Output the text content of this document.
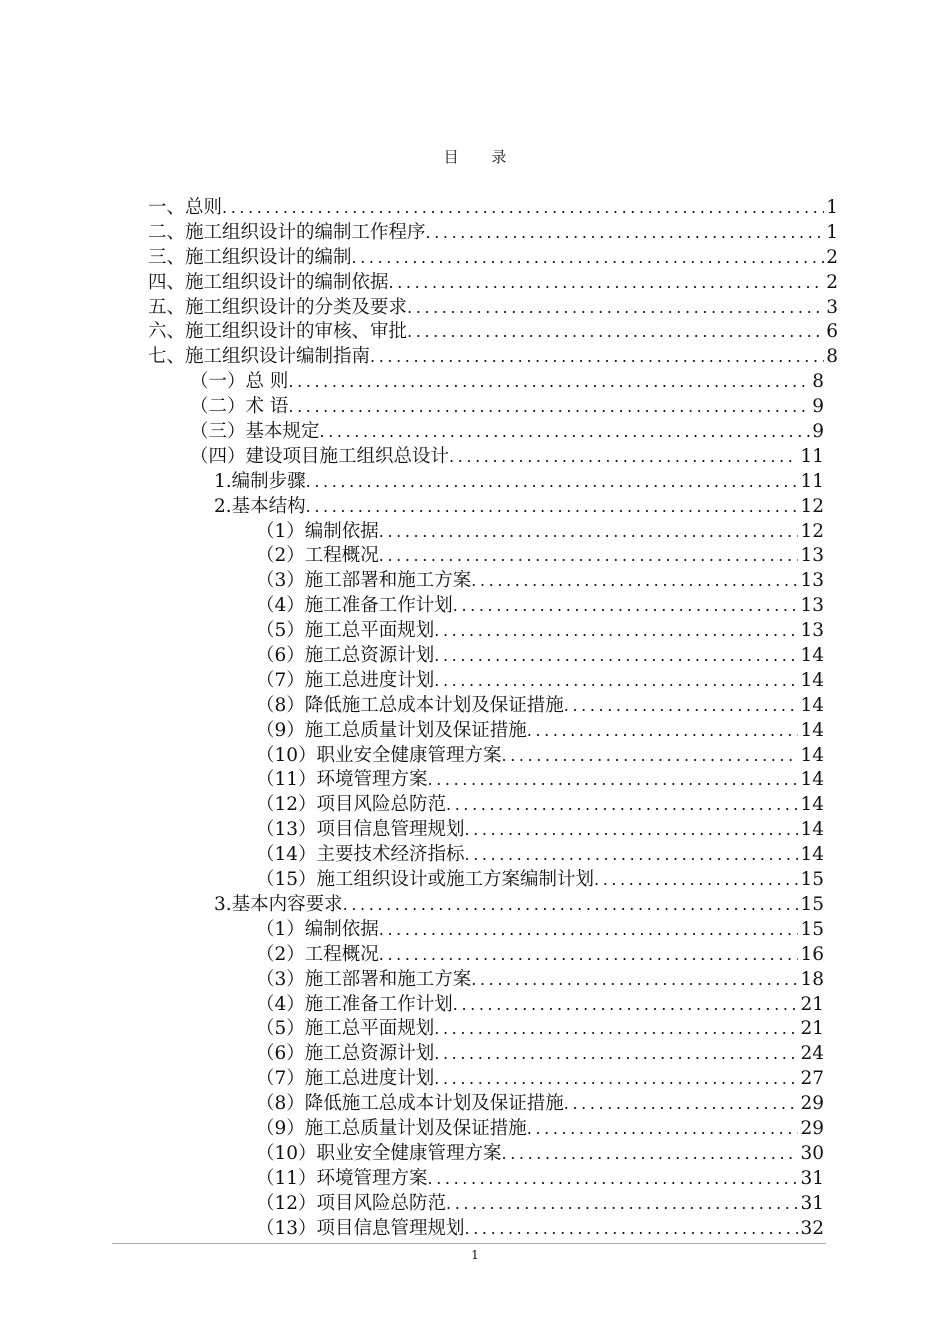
目 录
一、总则 .....	1
二、施工组织设计的编制工作程序 .....	1
三、施工组织设计的编制 .....	2
四、施工组织设计的编制依据 .....	2
五、施工组织设计的分类及要求 .....	3
六、施工组织设计的审核、审批 .....	6
七、施工组织设计编制指南 .....	8
（一）总 则 .....	8
（二）术 语 .....	9
（三）基本规定 .....	9
（四）建设项目施工组织总设计 .....	11
1.编制步骤 .....	11
2.基本结构 .....	12
（1）编制依据 .....	12
（2）工程概况 .....	13
（3）施工部署和施工方案 .....	13
（4）施工准备工作计划 .....	13
（5）施工总平面规划 .....	13
（6）施工总资源计划 .....	14
（7）施工总进度计划 .....	14
（8）降低施工总成本计划及保证措施 .....	14
（9）施工总质量计划及保证措施 .....	14
（10）职业安全健康管理方案 .....	14
（11）环境管理方案 .....	14
（12）项目风险总防范 .....	14
（13）项目信息管理规划 .....	14
（14）主要技术经济指标 .....	14
（15）施工组织设计或施工方案编制计划 .....	15
3.基本内容要求 .....	15
（1）编制依据 .....	15
（2）工程概况 .....	16
（3）施工部署和施工方案 .....	18
（4）施工准备工作计划 .....	21
（5）施工总平面规划 .....	21
（6）施工总资源计划 .....	24
（7）施工总进度计划 .....	27
（8）降低施工总成本计划及保证措施 .....	29
（9）施工总质量计划及保证措施 .....	29
（10）职业安全健康管理方案 .....	30
（11）环境管理方案 .....	31
（12）项目风险总防范 .....	31
（13）项目信息管理规划 .....	32
1
